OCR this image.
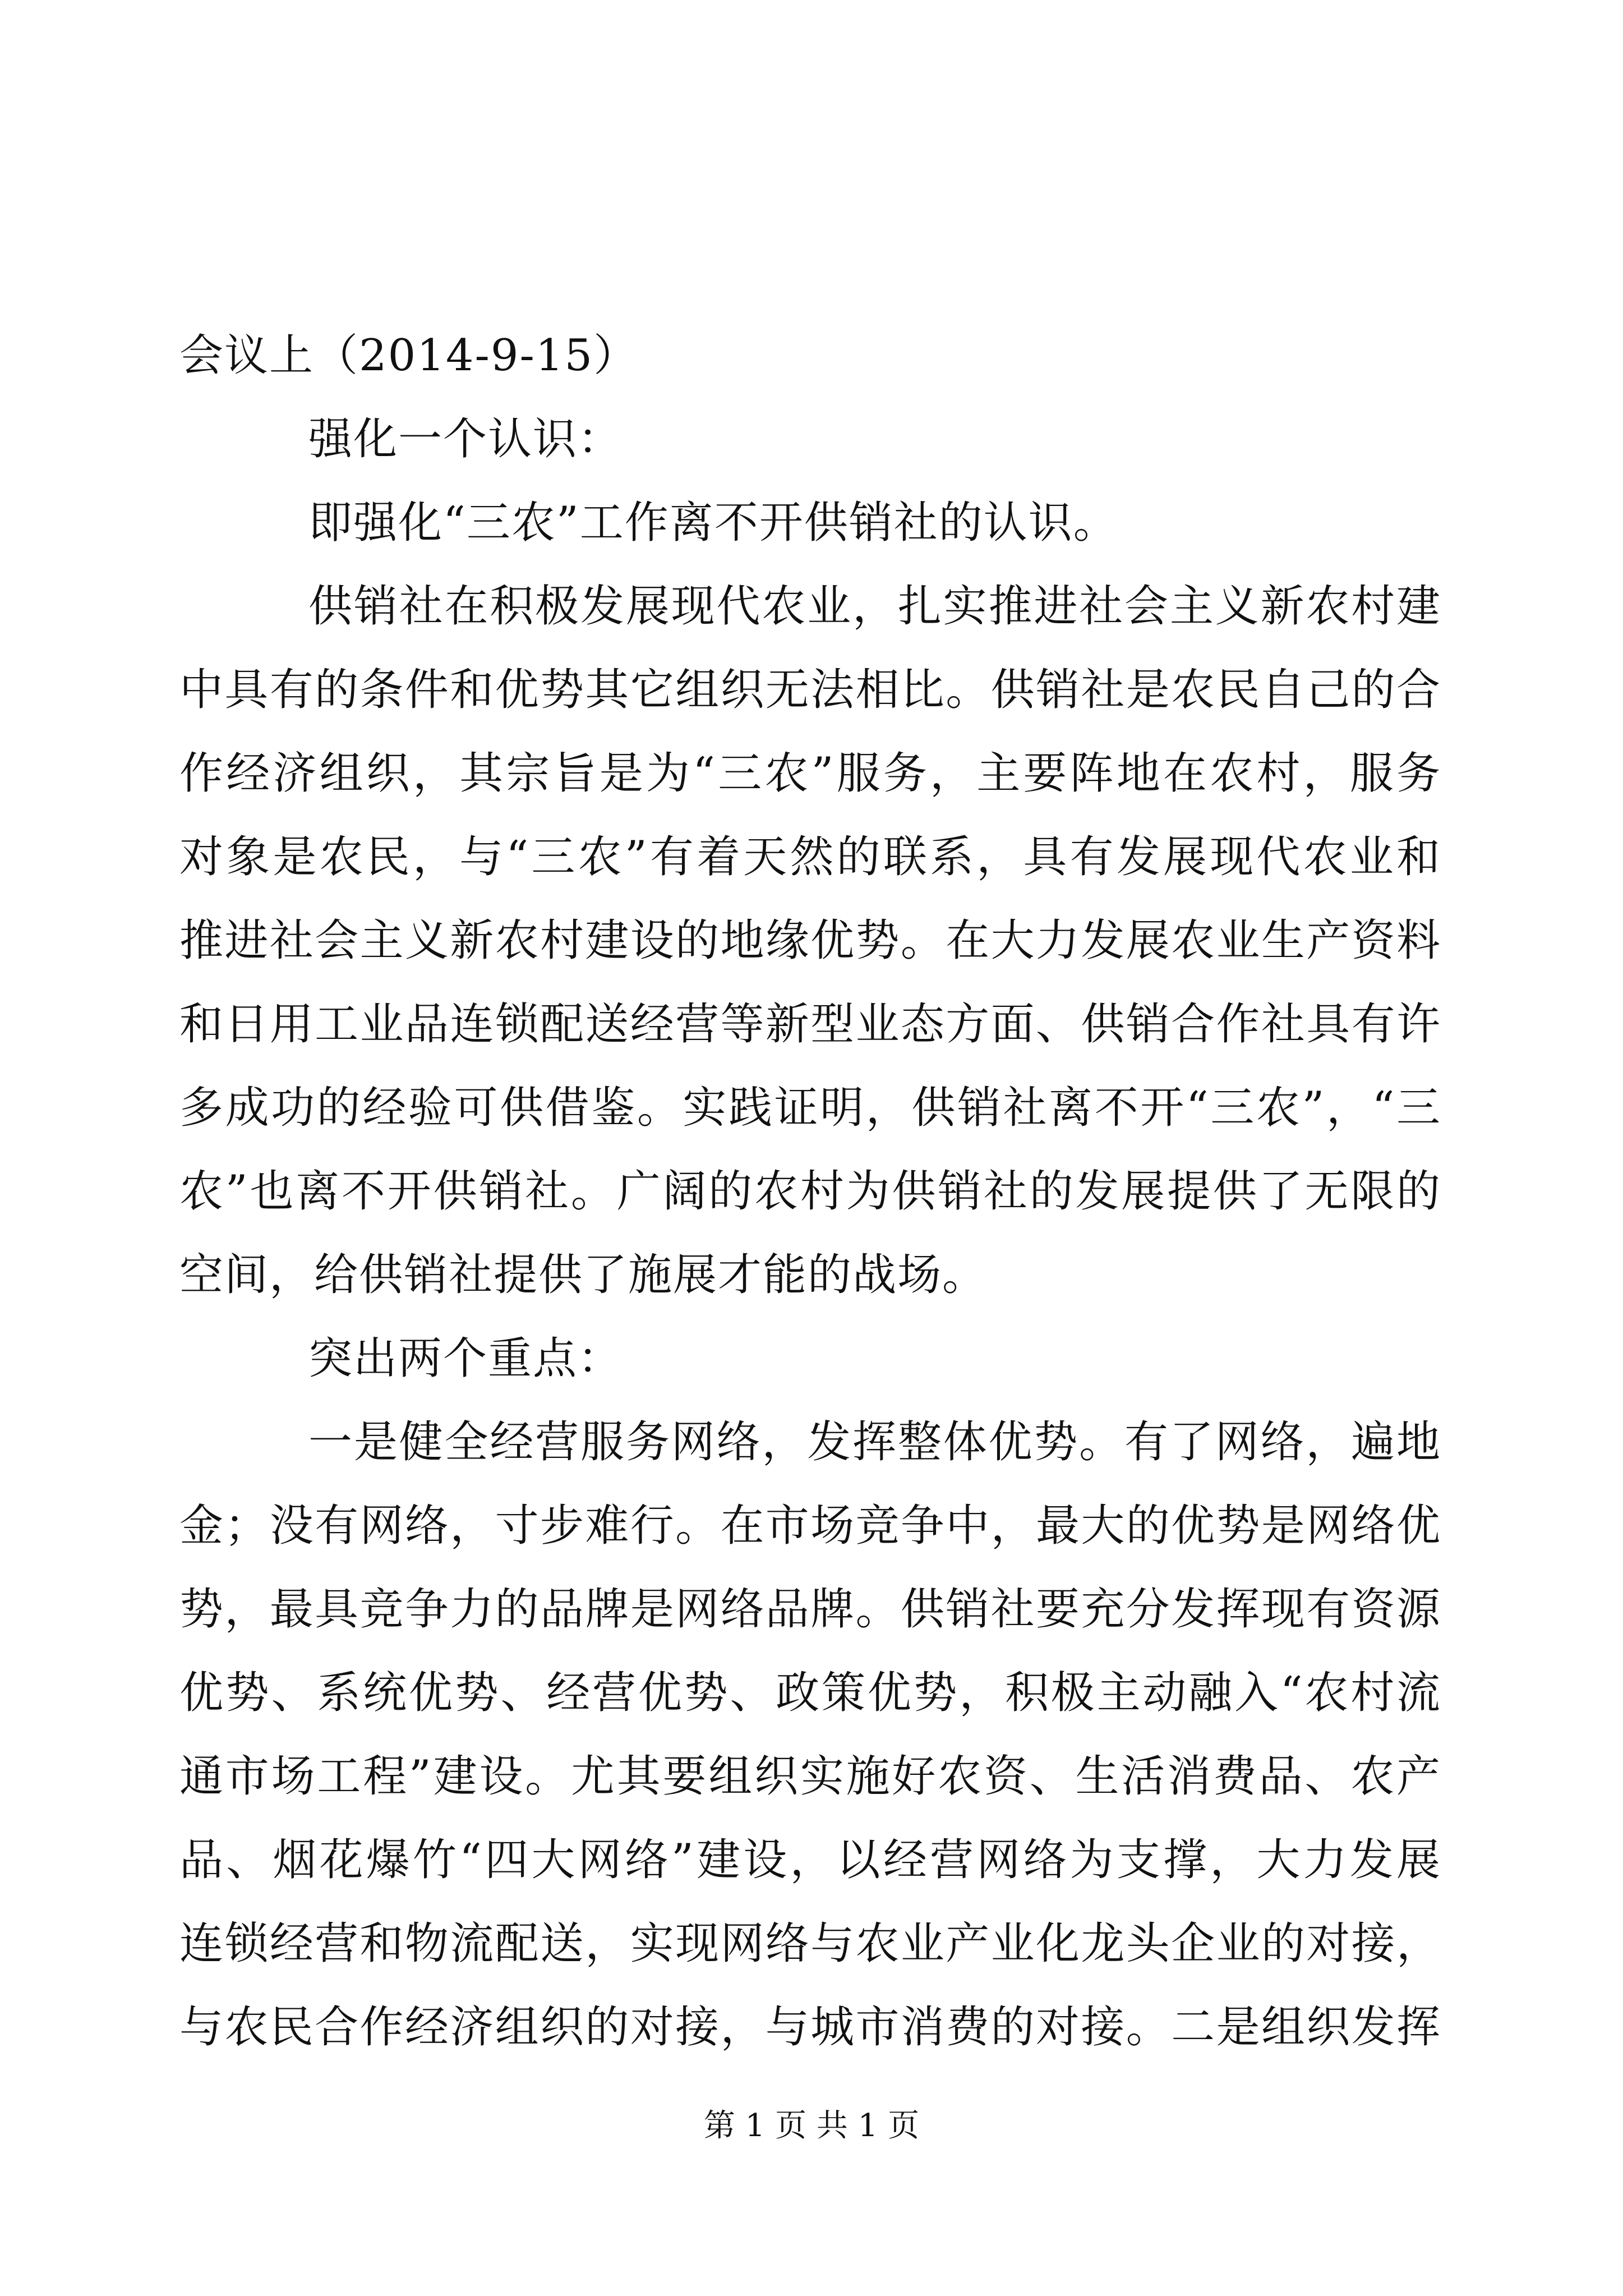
会议上（2014-9-15）
强化一个认识：
即强化“三农”工作离不开供销社的认识。
供销社在积极发展现代农业，扎实推进社会主义新农村建
中具有的条件和优势其它组织无法相比。供销社是农民自己的合
作经济组织，其宗旨是为“三农”服务，主要阵地在农村，服务
对象是农民，与“三农”有着天然的联系，具有发展现代农业和
推进社会主义新农村建设的地缘优势。在大力发展农业生产资料
和日用工业品连锁配送经营等新型业态方面、供销合作社具有许
多成功的经验可供借鉴。实践证明，供销社离不开“三农”，“三
农”也离不开供销社。广阔的农村为供销社的发展提供了无限的
空间，给供销社提供了施展才能的战场。
突出两个重点：
一是健全经营服务网络，发挥整体优势。有了网络，遍地
金；没有网络，寸步难行。在市场竞争中，最大的优势是网络优
势，最具竞争力的品牌是网络品牌。供销社要充分发挥现有资源
优势、系统优势、经营优势、政策优势，积极主动融入“农村流
通市场工程”建设。尤其要组织实施好农资、生活消费品、农产
品、烟花爆竹“四大网络”建设，以经营网络为支撑，大力发展
连锁经营和物流配送，实现网络与农业产业化龙头企业的对接，
与农民合作经济组织的对接，与城市消费的对接。二是组织发挥
第 1 页 共 1 页
